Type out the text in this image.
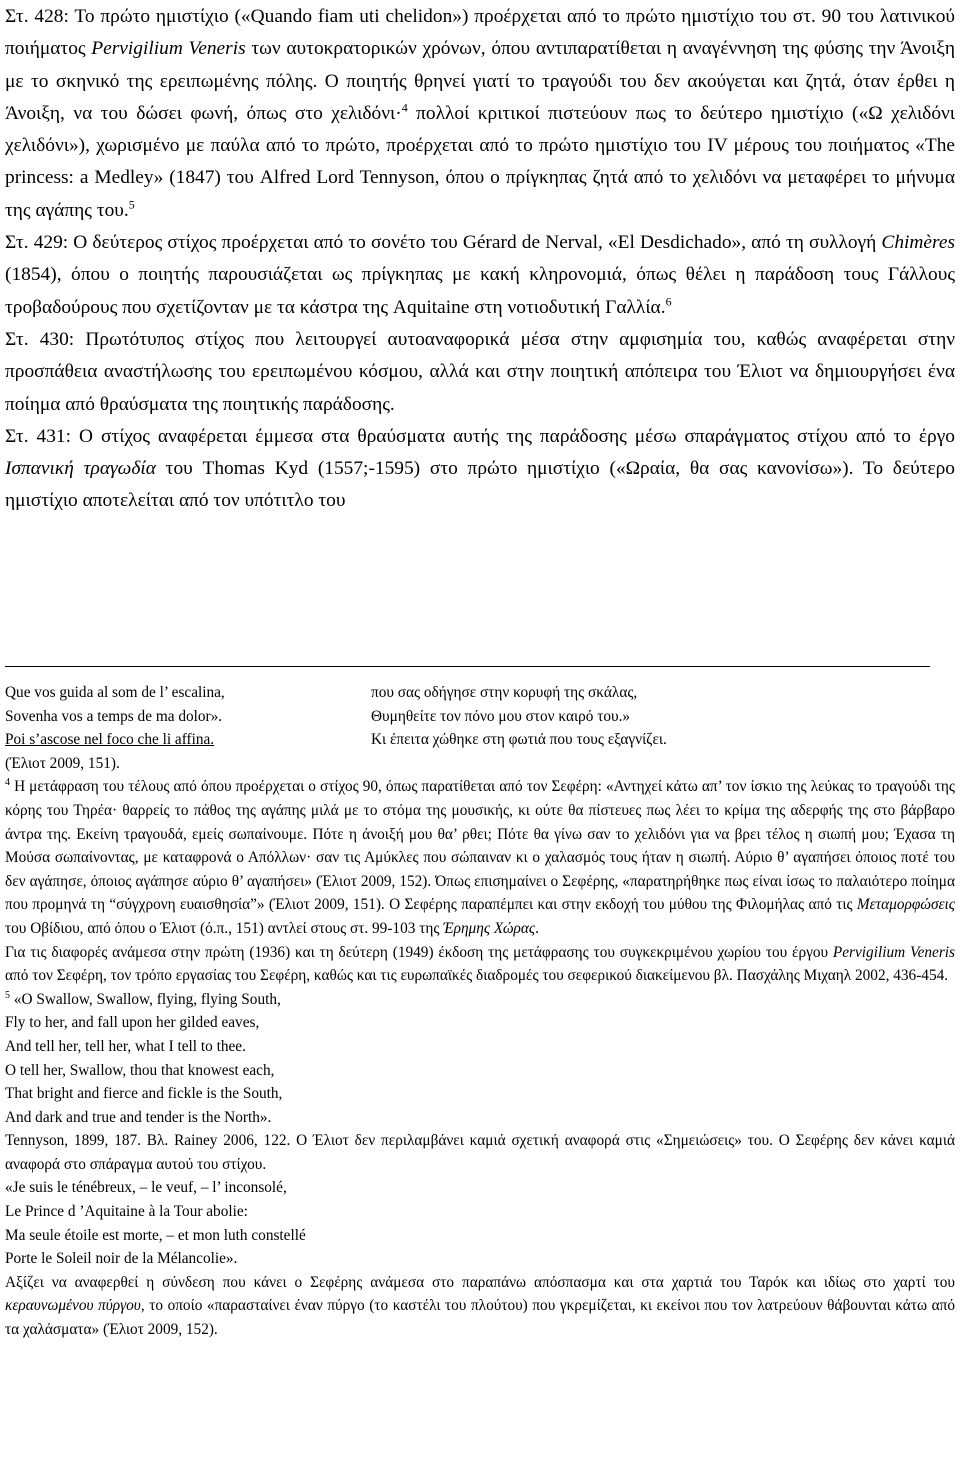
Στ. 428: Το πρώτο ημιστίχιο («Quando fiam uti chelidon») προέρχεται από το πρώτο ημιστίχιο του στ. 90 του λατινικού ποιήματος Pervigilium Veneris των αυτοκρατορικών χρόνων, όπου αντιπαρατίθεται η αναγέννηση της φύσης την Άνοιξη με το σκηνικό της ερειπωμένης πόλης. Ο ποιητής θρηνεί γιατί το τραγούδι του δεν ακούγεται και ζητά, όταν έρθει η Άνοιξη, να του δώσει φωνή, όπως στο χελιδόνι·$^4$ πολλοί κριτικοί πιστεύουν πως το δεύτερο ημιστίχιο («Ω χελιδόνι χελιδόνι»), χωρισμένο με παύλα από το πρώτο, προέρχεται από το πρώτο ημιστίχιο του IV μέρους του ποιήματος «The princess: a Medley» (1847) του Alfred Lord Tennyson, όπου ο πρίγκηπας ζητά από το χελιδόνι να μεταφέρει το μήνυμα της αγάπης του.$^5$

Στ. 429: Ο δεύτερος στίχος προέρχεται από το σονέτο του Gérard de Nerval, «El Desdichado», από τη συλλογή Chimères (1854), όπου ο ποιητής παρουσιάζεται ως πρίγκηπας με κακή κληρονομιά, όπως θέλει η παράδοση τους Γάλλους τροβαδούρους που σχετίζονταν με τα κάστρα της Aquitaine στη νοτιοδυτική Γαλλία.$^6$

Στ. 430: Πρωτότυπος στίχος που λειτουργεί αυτοαναφορικά μέσα στην αμφισημία του, καθώς αναφέρεται στην προσπάθεια αναστήλωσης του ερειπωμένου κόσμου, αλλά και στην ποιητική απόπειρα του Έλιοτ να δημιουργήσει ένα ποίημα από θραύσματα της ποιητικής παράδοσης.

Στ. 431: Ο στίχος αναφέρεται έμμεσα στα θραύσματα αυτής της παράδοσης μέσω σπαράγματος στίχου από το έργο Ισπανική τραγωδία του Thomas Kyd (1557;-1595) στο πρώτο ημιστίχιο («Ωραία, θα σας κανονίσω»). Το δεύτερο ημιστίχιο αποτελείται από τον υπότιτλο του

Que vos guida al som de l’ escalina,	που σας οδήγησε στην κορυφή της σκάλας,
Sovenha vos a temps de ma dolor».	Θυμηθείτε τον πόνο μου στον καιρό του.»
Poi s’ascose nel foco che li affina.	Κι έπειτα χώθηκε στη φωτιά που τους εξαγνίζει.

(Έλιοτ 2009, 151).

$^4$ Η μετάφραση του τέλους από όπου προέρχεται ο στίχος 90, όπως παρατίθεται από τον Σεφέρη: «Αντηχεί κάτω απ’ τον ίσκιο της λεύκας το τραγούδι της κόρης του Τηρέα· θαρρείς το πάθος της αγάπης μιλά με το στόμα της μουσικής, κι ούτε θα πίστευες πως λέει το κρίμα της αδερφής της στο βάρβαρο άντρα της. Εκείνη τραγουδά, εμείς σωπαίνουμε. Πότε η άνοιξή μου θα’ ρθει; Πότε θα γίνω σαν το χελιδόνι για να βρει τέλος η σιωπή μου; Έχασα τη Μούσα σωπαίνοντας, με καταφρονά ο Απόλλων· σαν τις Αμύκλες που σώπαιναν κι ο χαλασμός τους ήταν η σιωπή. Αύριο θ’ αγαπήσει όποιος ποτέ του δεν αγάπησε, όποιος αγάπησε αύριο θ’ αγαπήσει» (Έλιοτ 2009, 152). Όπως επισημαίνει ο Σεφέρης, «παρατηρήθηκε πως είναι ίσως το παλαιότερο ποίημα που προμηνά τη “σύγχρονη ευαισθησία”» (Έλιοτ 2009, 151). Ο Σεφέρης παραπέμπει και στην εκδοχή του μύθου της Φιλομήλας από τις Μεταμορφώσεις του Οβίδιου, από όπου ο Έλιοτ (ό.π., 151) αντλεί στους στ. 99-103 της Έρημης Χώρας.

Για τις διαφορές ανάμεσα στην πρώτη (1936) και τη δεύτερη (1949) έκδοση της μετάφρασης του συγκεκριμένου χωρίου του έργου Pervigilium Veneris από τον Σεφέρη, τον τρόπο εργασίας του Σεφέρη, καθώς και τις ευρωπαϊκές διαδρομές του σεφερικού διακείμενου βλ. Πασχάλης Μιχαηλ 2002, 436-454.

$^5$ «O Swallow, Swallow, flying, flying South,

Fly to her, and fall upon her gilded eaves,

And tell her, tell her, what I tell to thee.

O tell her, Swallow, thou that knowest each,

That bright and fierce and fickle is the South,

And dark and true and tender is the North».

Tennyson, 1899, 187. Βλ. Rainey 2006, 122. Ο Έλιοτ δεν περιλαμβάνει καμιά σχετική αναφορά στις «Σημειώσεις» του. Ο Σεφέρης δεν κάνει καμιά αναφορά στο σπάραγμα αυτού του στίχου.

«Je suis le ténébreux, – le veuf, – l’ inconsolé,

Le Prince d ’Aquitaine à la Tour abolie:

Ma seule étoile est morte, – et mon luth constellé

Porte le Soleil noir de la Mélancolie».

Αξίζει να αναφερθεί η σύνδεση που κάνει ο Σεφέρης ανάμεσα στο παραπάνω απόσπασμα και στα χαρτιά του Ταρόκ και ιδίως στο χαρτί του κεραυνωμένου πύργου, το οποίο «παρασταίνει έναν πύργο (το καστέλι του πλούτου) που γκρεμίζεται, κι εκείνοι που τον λατρεύουν θάβουνται κάτω από τα χαλάσματα» (Έλιοτ 2009, 152).
